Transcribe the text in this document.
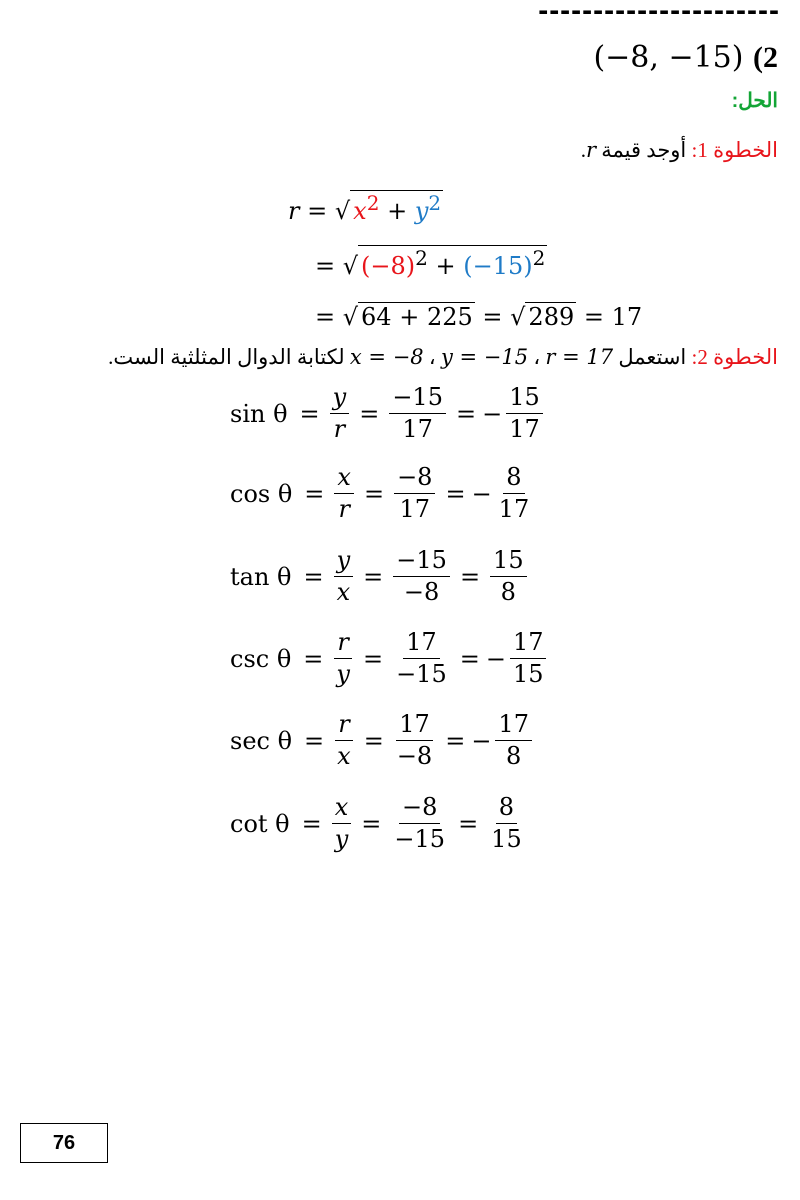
----------------------
(−8, −15) (2
الحل:
الخطوة 1: أوجد قيمة r.
r = √ $x^2 + y^2$
= √ $(-8)^2 + (-15)^2$
= √ 64 + 225 = √ 289 = 17
الخطوة 2: استعمل r = 17 ، y = −15 ، x = −8 لكتابة الدوال المثلثية الست.
$\sin \theta = \frac{y}{r} = \frac{-15}{17}$ = − $\frac{15}{17}$
$\cos \theta = \frac{x}{r} = \frac{-8}{17}$ = − $\frac{8}{17}$
$\tan \theta = \frac{y}{x} = \frac{-15}{-8} = \frac{15}{8}$
$\csc \theta = \frac{r}{y} = \frac{17}{-15}$ = − $\frac{17}{15}$
$\sec \theta = \frac{r}{x} = \frac{17}{-8}$ = − $\frac{17}{8}$
$\cot \theta = \frac{x}{y} = \frac{-8}{-15} = \frac{8}{15}$
76
